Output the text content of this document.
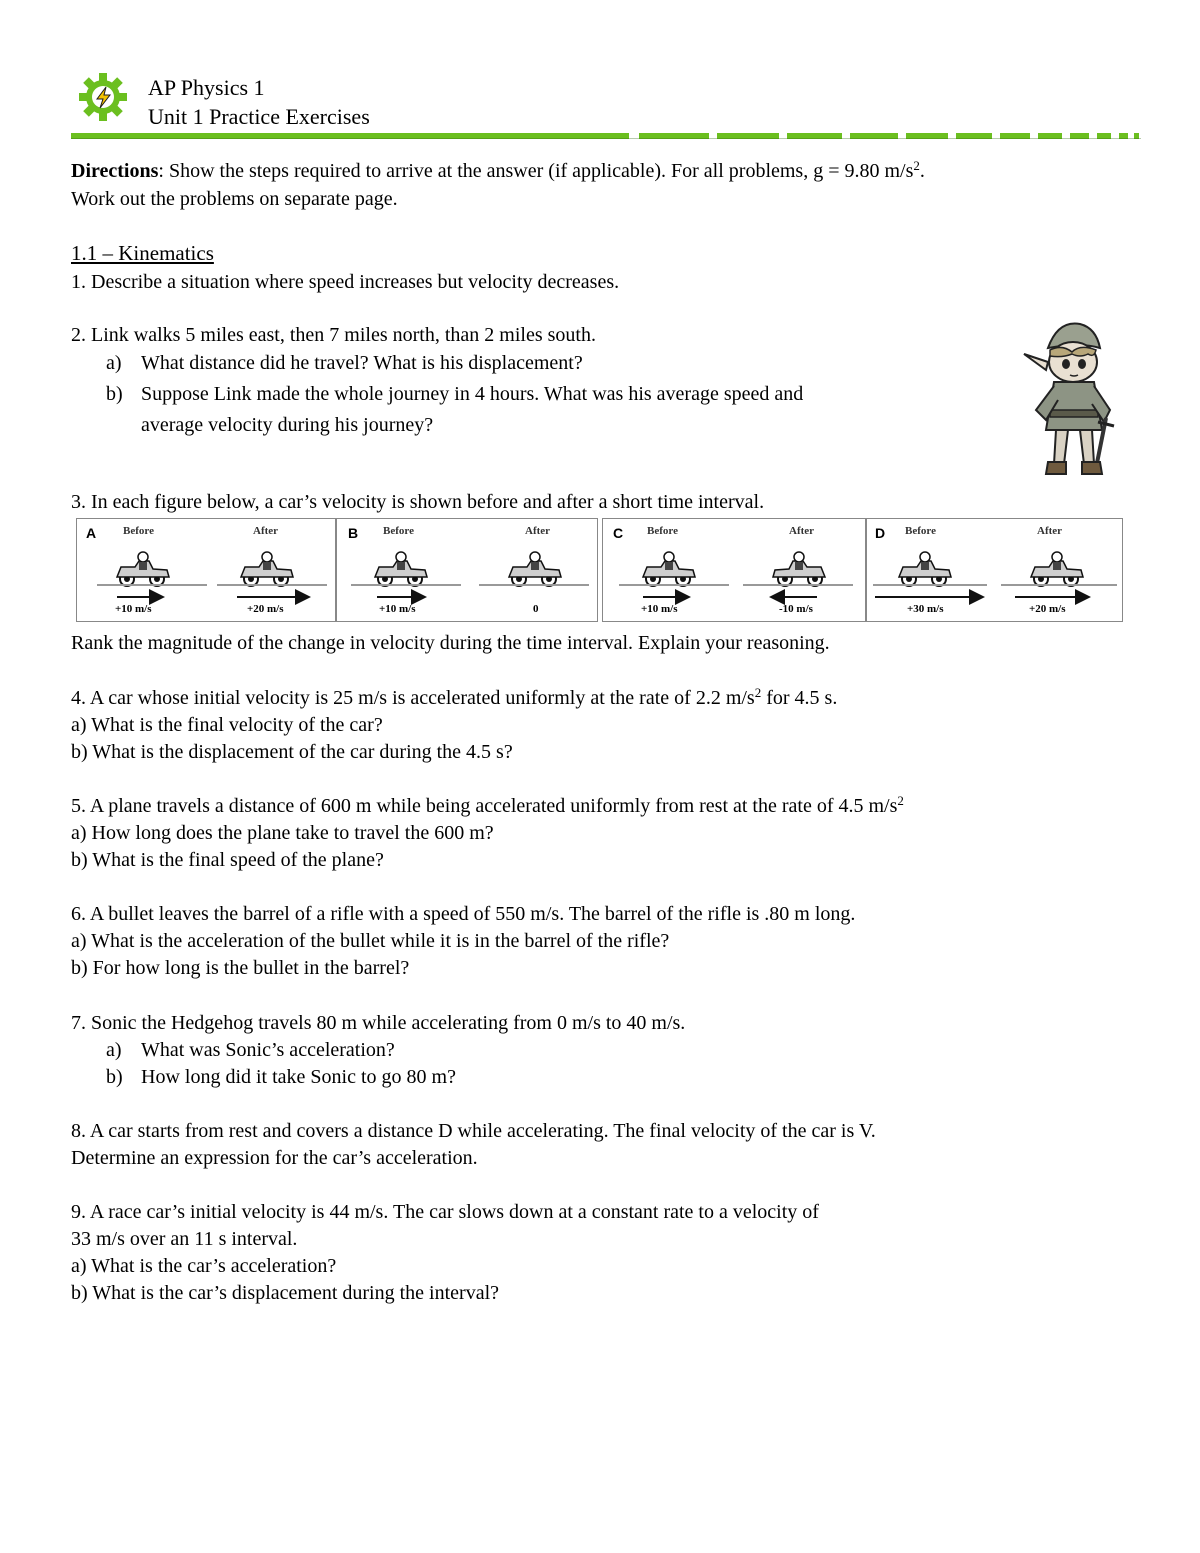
AP Physics 1
Unit 1 Practice Exercises
Directions: Show the steps required to arrive at the answer (if applicable). For all problems, g = 9.80 $m/s^2$.
Work out the problems on separate page.
1.1 – Kinematics
1. Describe a situation where speed increases but velocity decreases.
2. Link walks 5 miles east, then 7 miles north, than 2 miles south.
a) What distance did he travel? What is his displacement?
b) Suppose Link made the whole journey in 4 hours. What was his average speed and
average velocity during his journey?
3. In each figure below, a car’s velocity is shown before and after a short time interval.
A Before	After
+10 m/s	+20 m/s
B Before	After
+10 m/s	0
C Before	After
+10 m/s	-10 m/s
D Before	After
+30 m/s	+20 m/s
Rank the magnitude of the change in velocity during the time interval. Explain your reasoning.
4. A car whose initial velocity is 25 m/s is accelerated uniformly at the rate of 2.2 $m/s^2$ for 4.5 s.
a) What is the final velocity of the car?
b) What is the displacement of the car during the 4.5 s?
5. A plane travels a distance of 600 m while being accelerated uniformly from rest at the rate of 4.5 $m/s^2$
a) How long does the plane take to travel the 600 m?
b) What is the final speed of the plane?
6. A bullet leaves the barrel of a rifle with a speed of 550 m/s. The barrel of the rifle is .80 m long.
a) What is the acceleration of the bullet while it is in the barrel of the rifle?
b) For how long is the bullet in the barrel?
7. Sonic the Hedgehog travels 80 m while accelerating from 0 m/s to 40 m/s.
a) What was Sonic’s acceleration?
b) How long did it take Sonic to go 80 m?
8. A car starts from rest and covers a distance D while accelerating. The final velocity of the car is V.
Determine an expression for the car’s acceleration.
9. A race car’s initial velocity is 44 m/s. The car slows down at a constant rate to a velocity of
33 m/s over an 11 s interval.
a) What is the car’s acceleration?
b) What is the car’s displacement during the interval?
